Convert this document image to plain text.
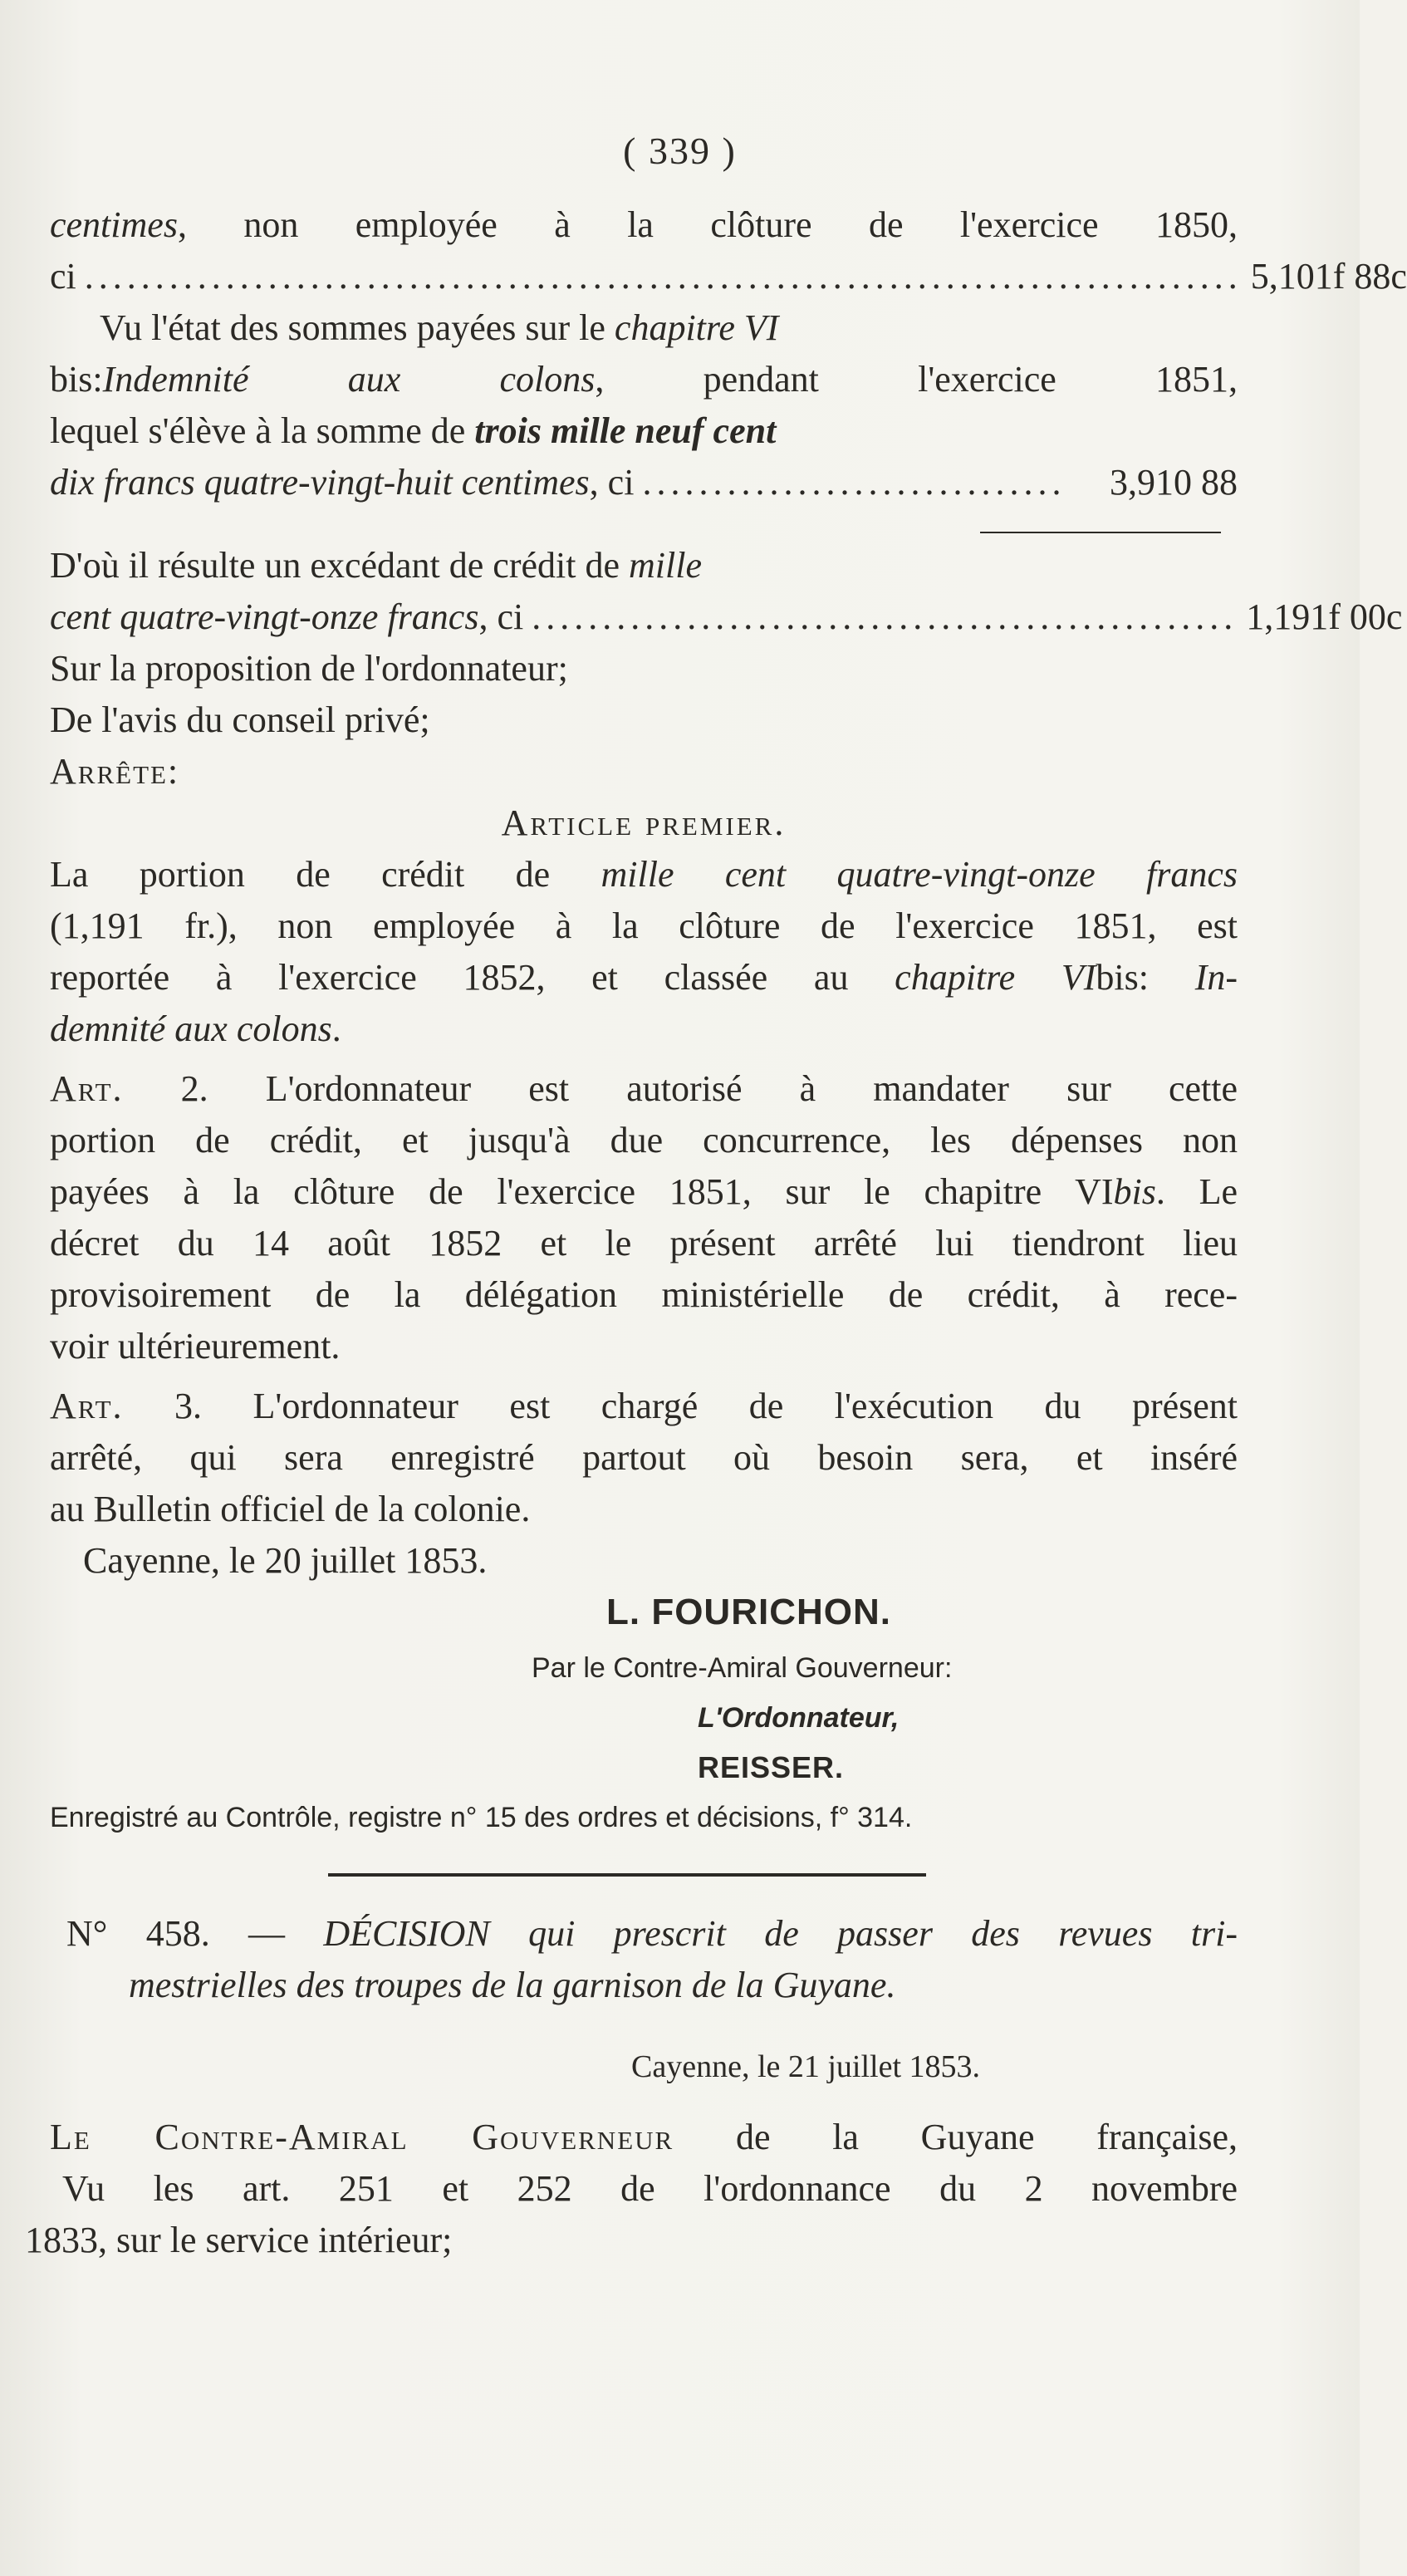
( 339 )
centimes, non employée à la clôture de l'exercice 1850,
ci .................................................................................. 5,101f 88c
Vu l'état des sommes payées sur le chapitre VI
bis:Indemnité aux colons, pendant l'exercice 1851,
lequel s'élève à la somme de trois mille neuf cent
dix francs quatre-vingt-huit centimes, ci ..............................	3,910 88
D'où il résulte un excédant de crédit de mille
cent quatre-vingt-onze francs, ci .................................................. 1,191f 00c
Sur la proposition de l'ordonnateur;
De l'avis du conseil privé;
Arrête:
Article premier.
La portion de crédit de mille cent quatre-vingt-onze francs
(1,191 fr.), non employée à la clôture de l'exercice 1851, est
reportée à l'exercice 1852, et classée au chapitre VIbis: In-
demnité aux colons.
Art. 2. L'ordonnateur est autorisé à mandater sur cette
portion de crédit, et jusqu'à due concurrence, les dépenses non
payées à la clôture de l'exercice 1851, sur le chapitre VIbis. Le
décret du 14 août 1852 et le présent arrêté lui tiendront lieu
provisoirement de la délégation ministérielle de crédit, à rece-
voir ultérieurement.
Art. 3. L'ordonnateur est chargé de l'exécution du présent
arrêté, qui sera enregistré partout où besoin sera, et inséré
au Bulletin officiel de la colonie.
Cayenne, le 20 juillet 1853.
L. FOURICHON.
Par le Contre-Amiral Gouverneur:
L'Ordonnateur,
REISSER.
Enregistré au Contrôle, registre n° 15 des ordres et décisions, f° 314.
N° 458. — DÉCISION qui prescrit de passer des revues tri-
mestrielles des troupes de la garnison de la Guyane.
Cayenne, le 21 juillet 1853.
Le Contre-Amiral Gouverneur de la Guyane française,
Vu les art. 251 et 252 de l'ordonnance du 2 novembre
1833, sur le service intérieur;
